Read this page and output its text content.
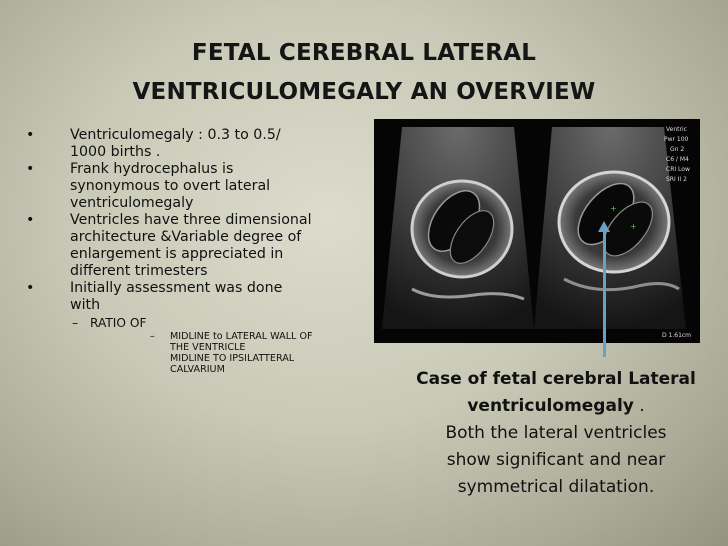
FETAL CEREBRAL LATERAL
VENTRICULOMEGALY AN OVERVIEW
•	Ventriculomegaly : 0.3 to 0.5/
1000 births .
•	Frank hydrocephalus is
synonymous to overt lateral
ventriculomegaly
•	Ventricles have three dimensional
architecture &Variable degree of
enlargement is appreciated in
different trimesters
•	Initially assessment was done
with
– RATIO OF
– MIDLINE to LATERAL WALL OF
THE VENTRICLE
MIDLINE TO IPSILATTERAL
CALVARIUM
+
+
Ventric
Pwr 100
Gn 2
C6 / M4
CRI Low
SRI II 2
D 1.61cm
Case of fetal cerebral Lateral
ventriculomegaly .
Both the lateral ventricles
show significant and near
symmetrical dilatation.
